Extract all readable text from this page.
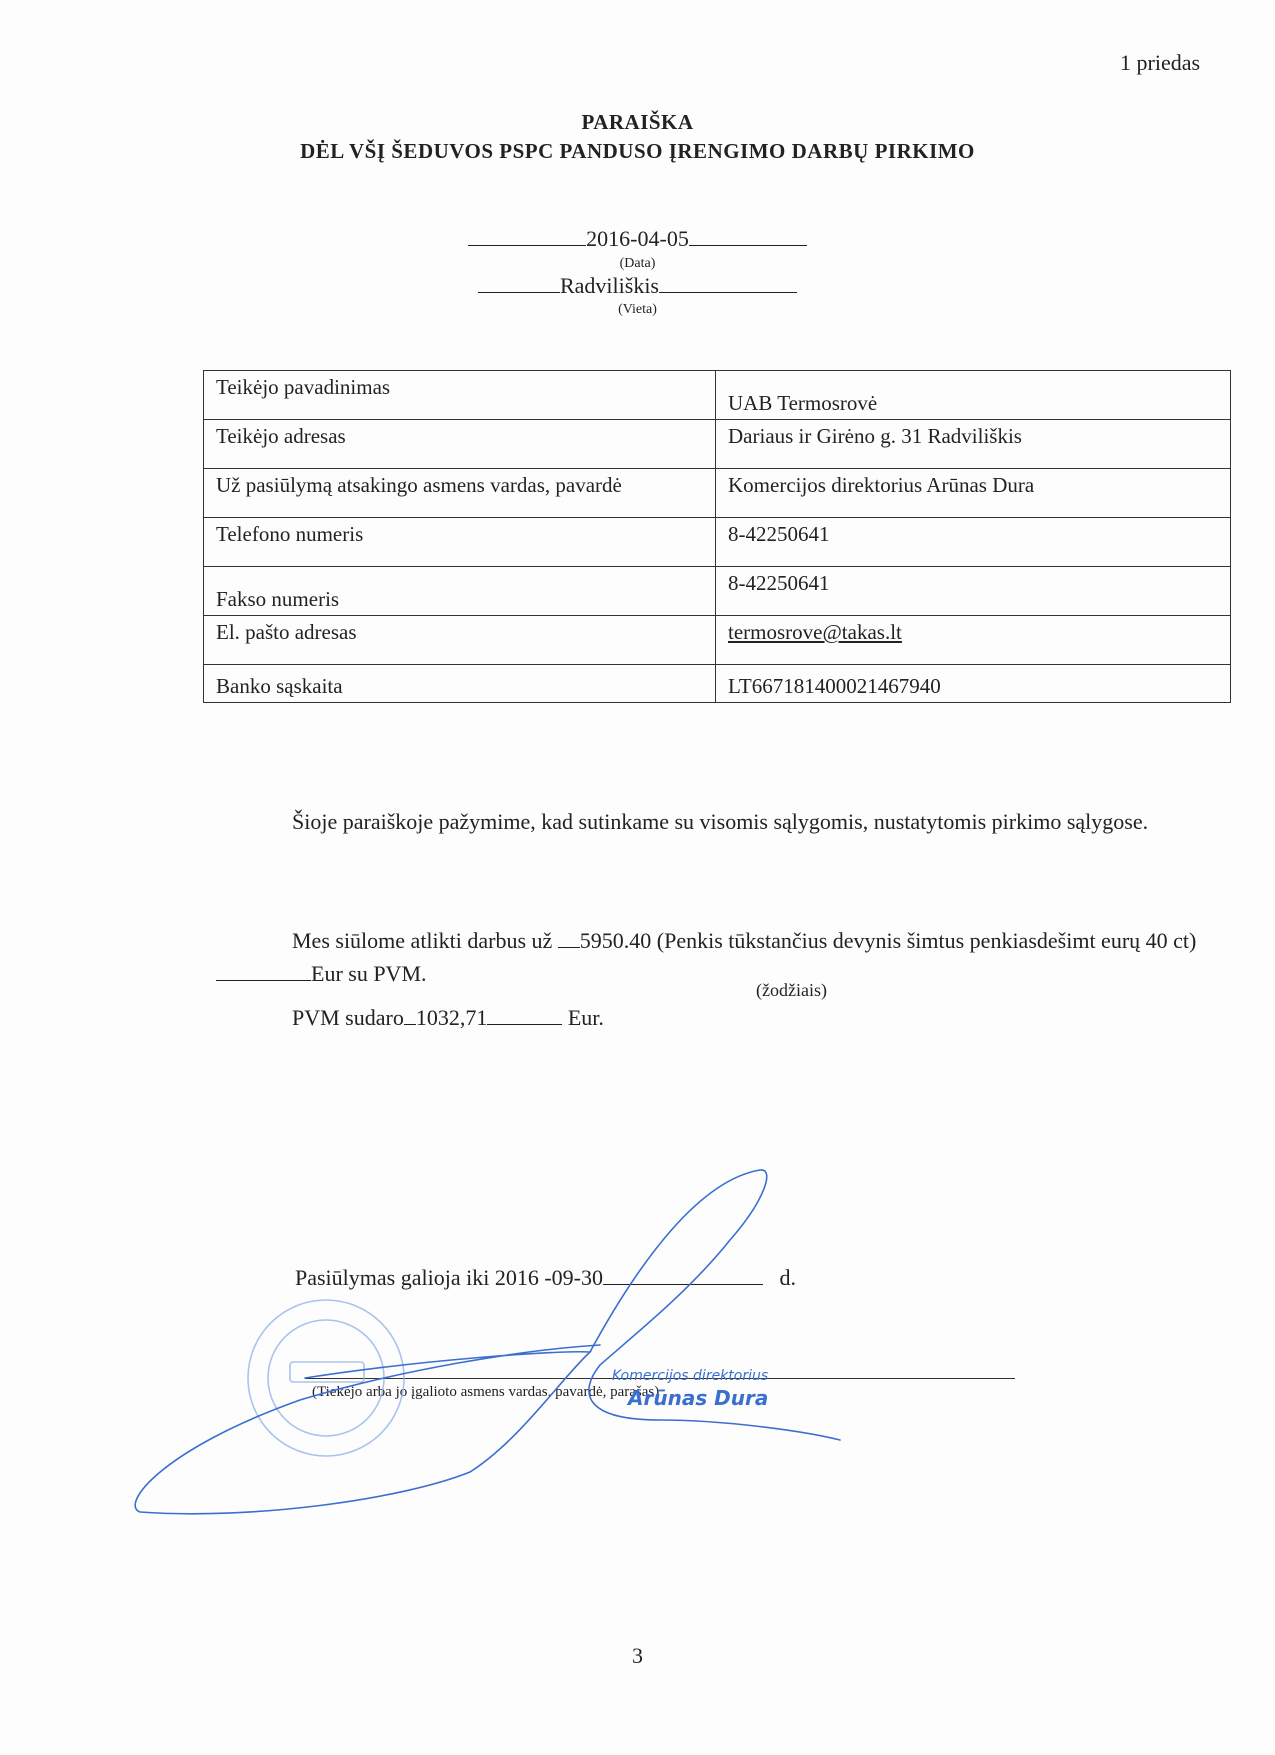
1 priedas
PARAIŠKA
DĖL VŠĮ ŠEDUVOS PSPC PANDUSO ĮRENGIMO DARBŲ PIRKIMO
2016-04-05
(Data)
Radviliškis
(Vieta)
Teikėjo pavadinimas	UAB Termosrovė
Teikėjo adresas	Dariaus ir Girėno g. 31 Radviliškis
Už pasiūlymą atsakingo asmens vardas, pavardė	Komercijos direktorius Arūnas Dura
Telefono numeris	8-42250641
Fakso numeris	8-42250641
El. pašto adresas	termosrove@takas.lt
Banko sąskaita	LT667181400021467940
Šioje paraiškoje pažymime, kad sutinkame su visomis sąlygomis, nustatytomis pirkimo sąlygose.
Mes siūlome atlikti darbus už 5950.40 (Penkis tūkstančius devynis šimtus penkiasdešimt eurų 40 ct)Eur su PVM.
(žodžiais)
PVM sudaro 1032,71	Eur.
Pasiūlymas galioja iki 2016 -09-30	d.
(Tiekėjo arba jo įgalioto asmens vardas, pavardė, parašas)
Komercijos direktorius
Arūnas Dura
3
